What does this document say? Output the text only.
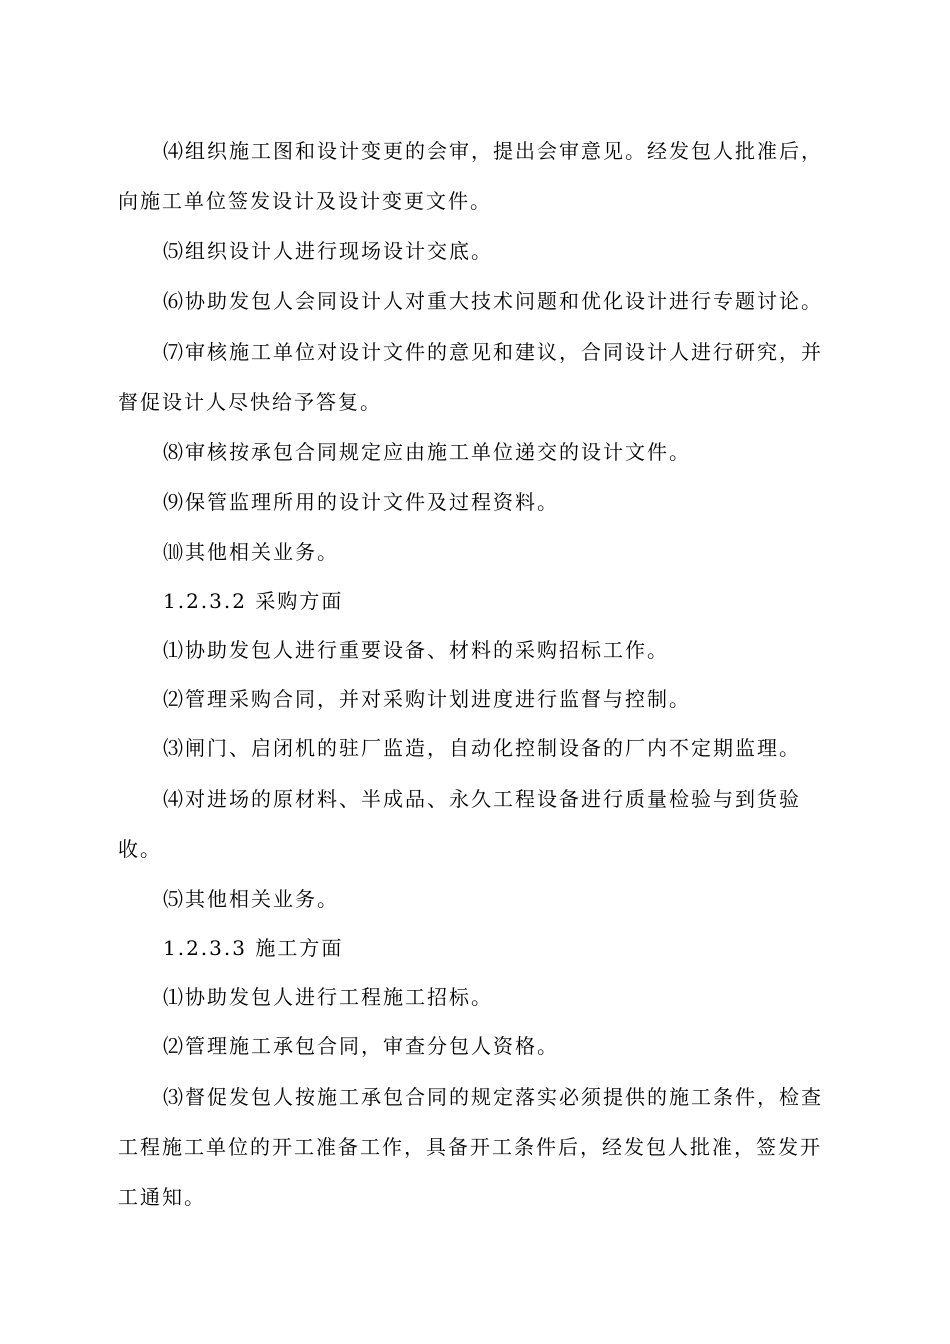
⑷组织施工图和设计变更的会审，提出会审意见。经发包人批准后，向施工单位签发设计及设计变更文件。

⑸组织设计人进行现场设计交底。

⑹协助发包人会同设计人对重大技术问题和优化设计进行专题讨论。

⑺审核施工单位对设计文件的意见和建议，合同设计人进行研究，并督促设计人尽快给予答复。

⑻审核按承包合同规定应由施工单位递交的设计文件。

⑼保管监理所用的设计文件及过程资料。

⑽其他相关业务。

1.2.3.2 采购方面

⑴协助发包人进行重要设备、材料的采购招标工作。

⑵管理采购合同，并对采购计划进度进行监督与控制。

⑶闸门、启闭机的驻厂监造，自动化控制设备的厂内不定期监理。

⑷对进场的原材料、半成品、永久工程设备进行质量检验与到货验收。

⑸其他相关业务。

1.2.3.3 施工方面

⑴协助发包人进行工程施工招标。

⑵管理施工承包合同，审查分包人资格。

⑶督促发包人按施工承包合同的规定落实必须提供的施工条件，检查工程施工单位的开工准备工作，具备开工条件后，经发包人批准，签发开工通知。
